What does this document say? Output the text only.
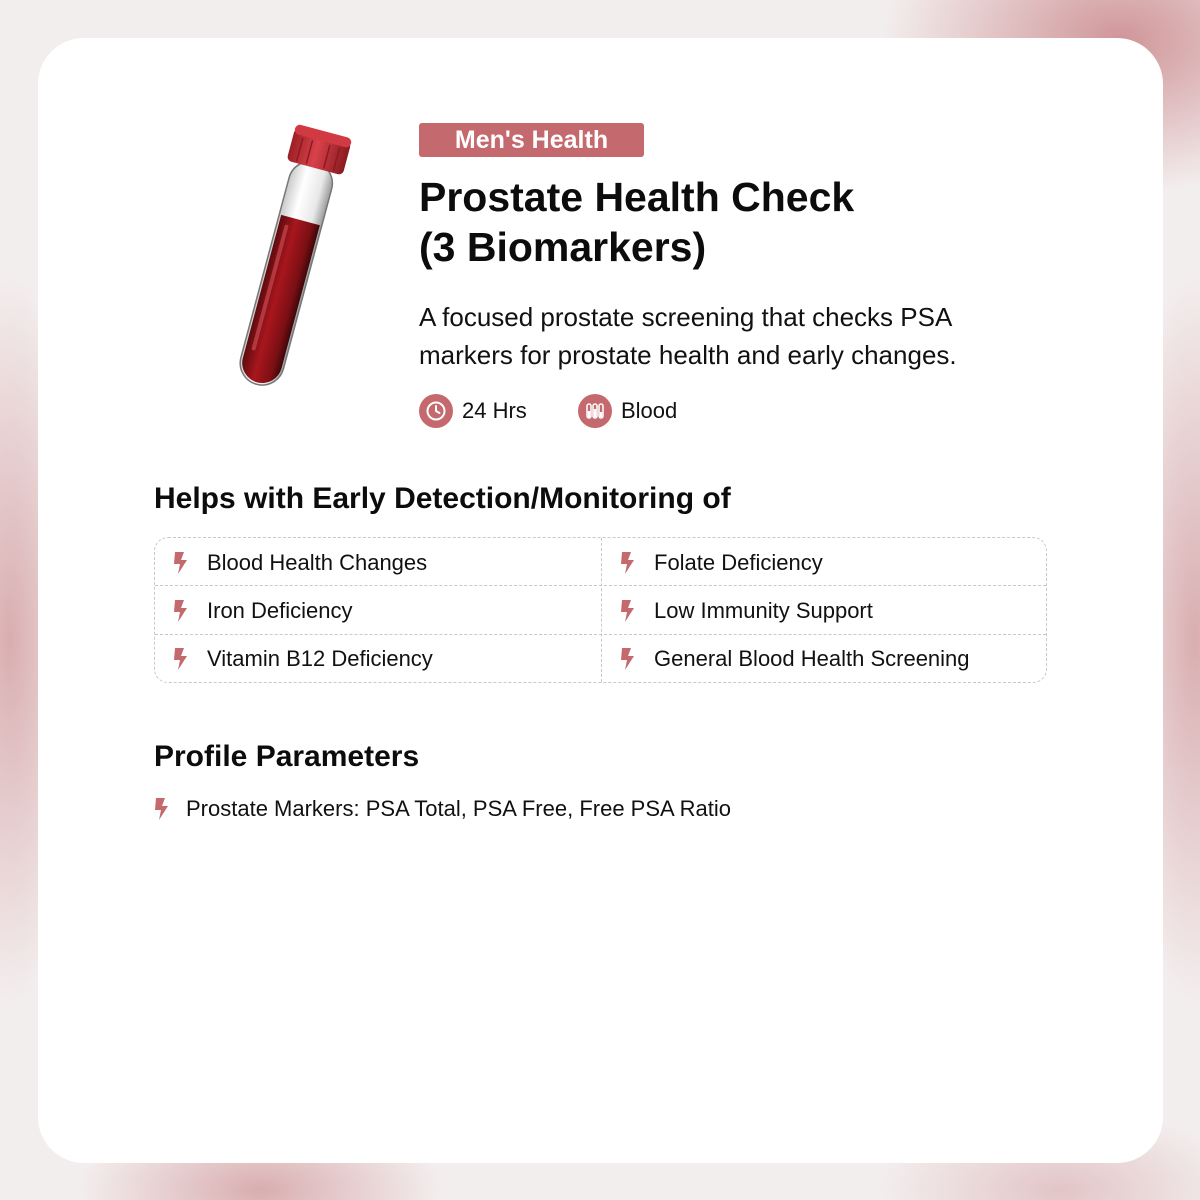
Men's Health
Prostate Health Check
(3 Biomarkers)

A focused prostate screening that checks PSA
markers for prostate health and early changes.

24 Hrs	Blood
Helps with Early Detection/Monitoring of
Blood Health Changes	Folate Deficiency
Iron Deficiency	Low Immunity Support
Vitamin B12 Deficiency	General Blood Health Screening
Profile Parameters
Prostate Markers: PSA Total, PSA Free, Free PSA Ratio
